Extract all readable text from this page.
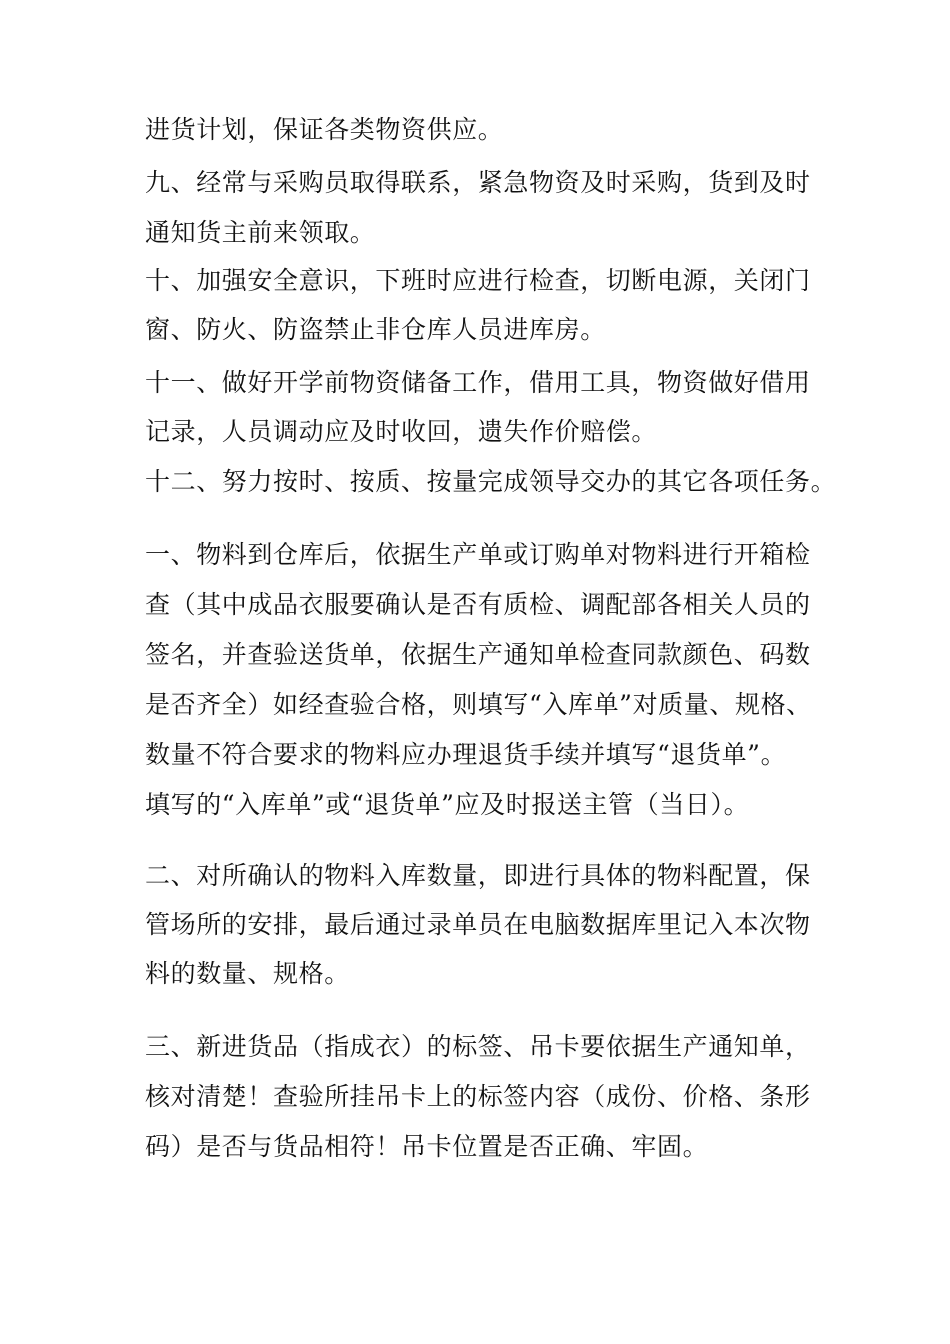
进货计划，保证各类物资供应。
九、经常与采购员取得联系，紧急物资及时采购，货到及时
通知货主前来领取。
十、加强安全意识，下班时应进行检查，切断电源，关闭门
窗、防火、防盗禁止非仓库人员进库房。
十一、做好开学前物资储备工作，借用工具，物资做好借用
记录，人员调动应及时收回，遗失作价赔偿。
十二、努力按时、按质、按量完成领导交办的其它各项任务。
一、物料到仓库后，依据生产单或订购单对物料进行开箱检
查（其中成品衣服要确认是否有质检、调配部各相关人员的
签名，并查验送货单，依据生产通知单检查同款颜色、码数
是否齐全）如经查验合格，则填写“入库单”对质量、规格、
数量不符合要求的物料应办理退货手续并填写“退货单”。
填写的“入库单”或“退货单”应及时报送主管（当日）。
二、对所确认的物料入库数量，即进行具体的物料配置，保
管场所的安排，最后通过录单员在电脑数据库里记入本次物
料的数量、规格。
三、新进货品（指成衣）的标签、吊卡要依据生产通知单，
核对清楚！查验所挂吊卡上的标签内容（成份、价格、条形
码）是否与货品相符！吊卡位置是否正确、牢固。
